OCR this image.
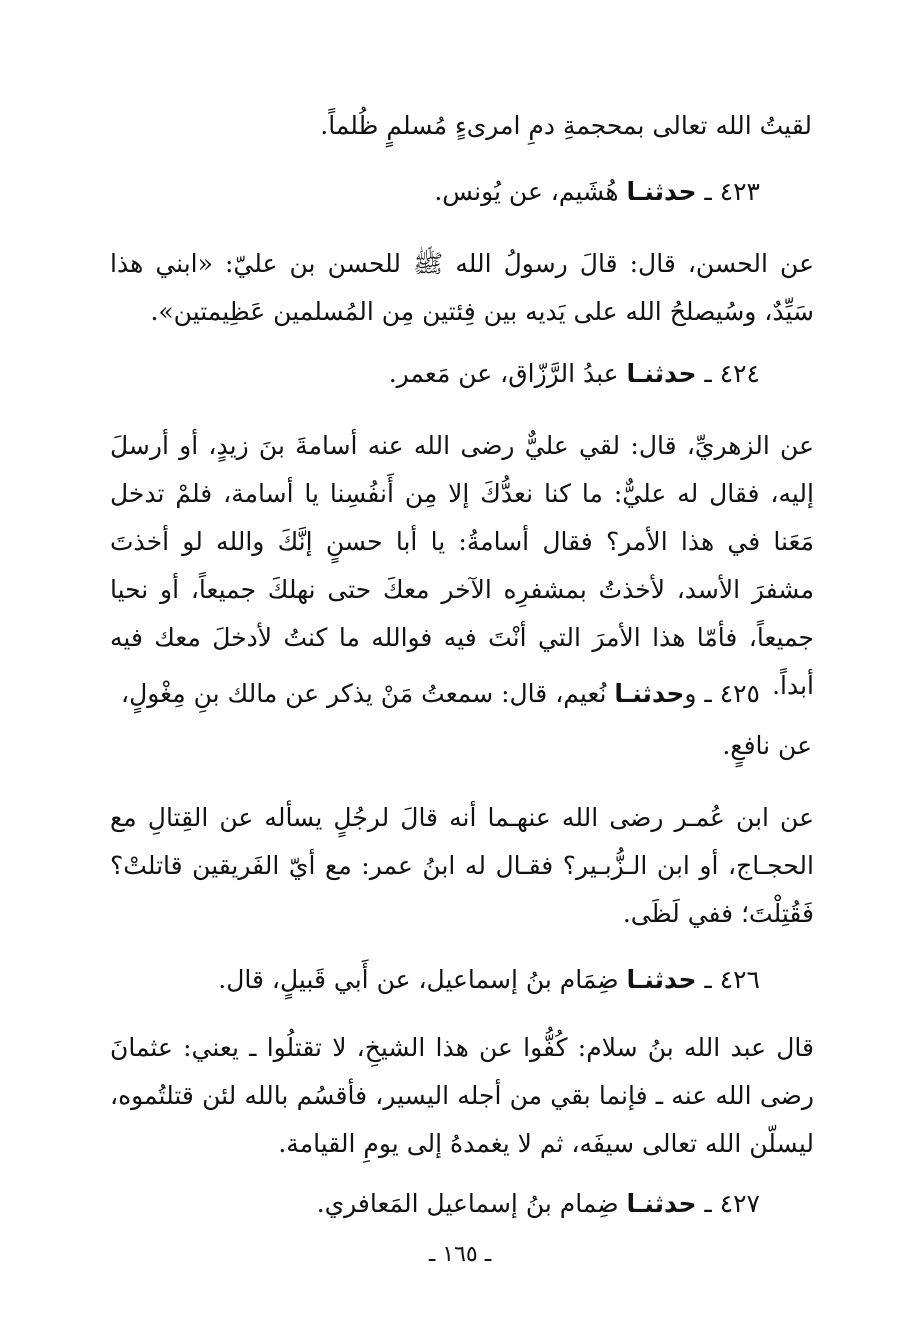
لقيتُ الله تعالى بمحجمةِ دمِ امرىءٍ مُسلمٍ ظُلماً.

٤٢٣ ـ حدثنـا هُشَيم، عن يُونس.

عن الحسن، قال: قالَ رسولُ الله ﷺ للحسن بن عليّ: «ابني هذا سَيِّدٌ، وسُيصلحُ الله على يَديه بين فِئتين مِن المُسلمين عَظِيمتين».

٤٢٤ ـ حدثنـا عبدُ الرَّزّاق، عن مَعمر.

عن الزهريِّ، قال: لقي عليٌّ رضى الله عنه أسامةَ بنَ زيدٍ، أو أرسلَ إليه، فقال له عليٌّ: ما كنا نعدُّكَ إلا مِن أَنفُسِنا يا أسامة، فلمْ تدخل مَعَنا في هذا الأمر؟ فقال أسامةُ: يا أبا حسنٍ إنَّكَ والله لو أخذتَ مشفرَ الأسد، لأخذتُ بمشفرِه الآخر معكَ حتى نهلكَ جميعاً، أو نحيا جميعاً، فأمّا هذا الأمرَ التي أنْتَ فيه فوالله ما كنتُ لأدخلَ معك فيه أبداً.

٤٢٥ ـ وحدثنـا نُعيم، قال: سمعتُ مَنْ يذكر عن مالك بنِ مِغْولٍ،

عن نافعٍ.

عن ابن عُمـر رضى الله عنهـما أنه قالَ لرجُلٍ يسأله عن القِتالِ مع الحجـاج، أو ابن الـزُّبـير؟ فقـال له ابنُ عمر: مع أيّ الفَريقين قاتلتْ؟ فَقُتِلْتَ؛ ففي لَظَى.

٤٢٦ ـ حدثنـا ضِمَام بنُ إسماعيل، عن أَبي قَبيلٍ، قال.

قال عبد الله بنُ سلام: كُفُّوا عن هذا الشيخِ، لا تقتلُوا ـ يعني: عثمانَ رضى الله عنه ـ فإنما بقي من أجله اليسير، فأقسُم بالله لئن قتلتُموه، ليسلّن الله تعالى سيفَه، ثم لا يغمدهُ إلى يومِ القيامة.

٤٢٧ ـ حدثنـا ضِمام بنُ إسماعيل المَعافري.

ـ ١٦٥ ـ
